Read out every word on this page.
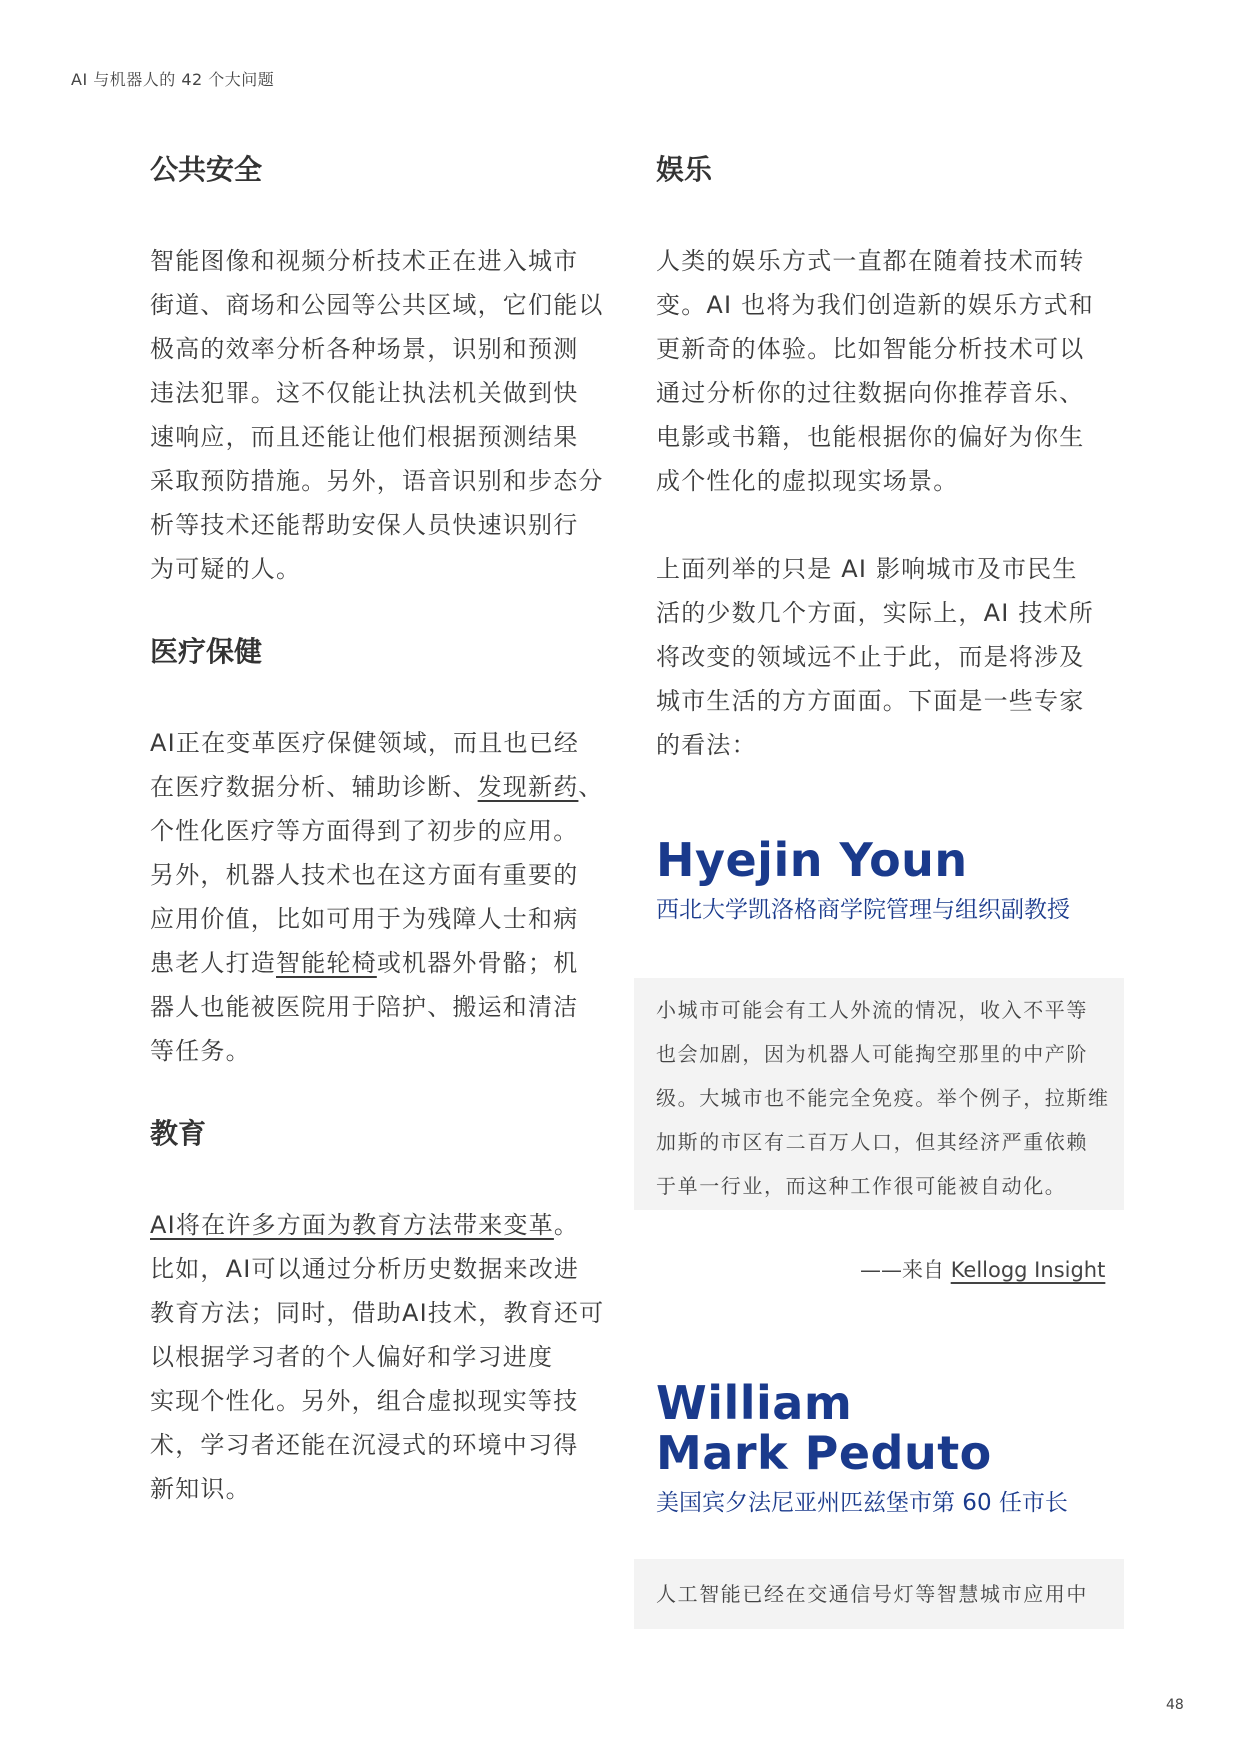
AI 与机器人的 42 个大问题
公共安全
智能图像和视频分析技术正在进入城市
街道、商场和公园等公共区域，它们能以
极高的效率分析各种场景，识别和预测
违法犯罪。这不仅能让执法机关做到快
速响应，而且还能让他们根据预测结果
采取预防措施。另外，语音识别和步态分
析等技术还能帮助安保人员快速识别行
为可疑的人。
医疗保健
AI正在变革医疗保健领域，而且也已经
在医疗数据分析、辅助诊断、发现新药、
个性化医疗等方面得到了初步的应用。
另外，机器人技术也在这方面有重要的
应用价值，比如可用于为残障人士和病
患老人打造智能轮椅或机器外骨骼；机
器人也能被医院用于陪护、搬运和清洁
等任务。
教育
AI将在许多方面为教育方法带来变革。
比如，AI可以通过分析历史数据来改进
教育方法；同时，借助AI技术，教育还可
以根据学习者的个人偏好和学习进度
实现个性化。另外，组合虚拟现实等技
术，学习者还能在沉浸式的环境中习得
新知识。
娱乐
人类的娱乐方式一直都在随着技术而转
变。AI 也将为我们创造新的娱乐方式和
更新奇的体验。比如智能分析技术可以
通过分析你的过往数据向你推荐音乐、
电影或书籍，也能根据你的偏好为你生
成个性化的虚拟现实场景。
上面列举的只是 AI 影响城市及市民生
活的少数几个方面，实际上，AI 技术所
将改变的领域远不止于此，而是将涉及
城市生活的方方面面。下面是一些专家
的看法：
Hyejin Youn

西北大学凯洛格商学院管理与组织副教授

小城市可能会有工人外流的情况，收入不平等
也会加剧，因为机器人可能掏空那里的中产阶
级。大城市也不能完全免疫。举个例子，拉斯维
加斯的市区有二百万人口，但其经济严重依赖
于单一行业，而这种工作很可能被自动化。
——来自 Kellogg Insight
William
Mark Peduto

美国宾夕法尼亚州匹兹堡市第 60 任市长

人工智能已经在交通信号灯等智慧城市应用中
48
